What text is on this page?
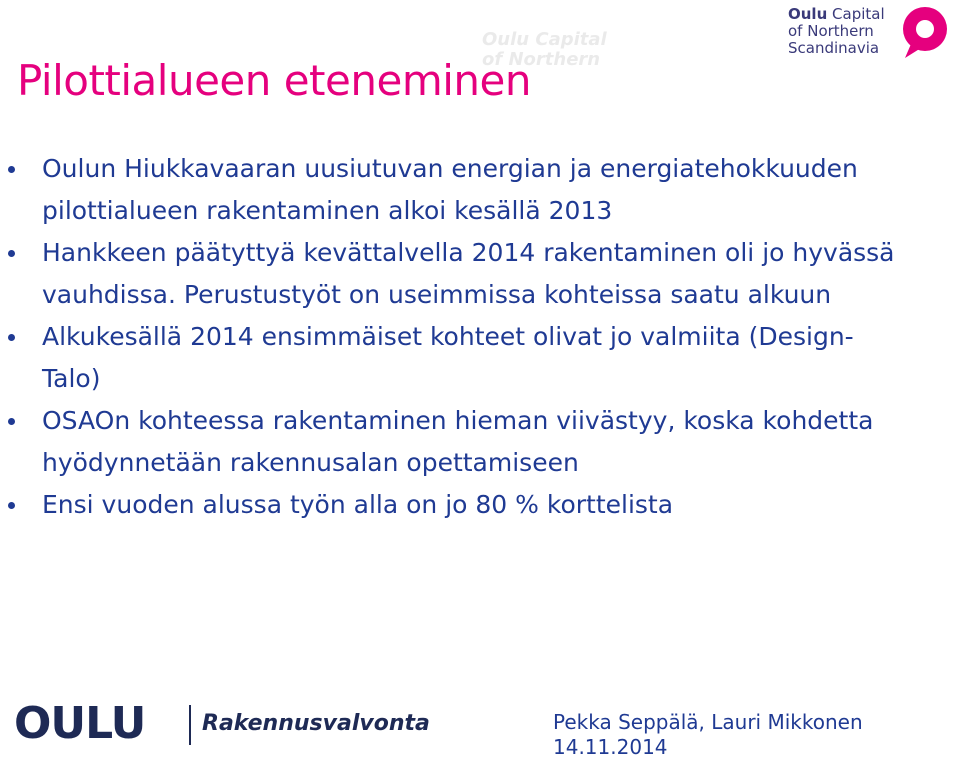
Oulu Capital
of Northern
Oulu Capital
of Northern
Scandinavia
Pilottialueen eteneminen
Oulun Hiukkavaaran uusiutuvan energian ja energiatehokkuuden pilottialueen rakentaminen alkoi kesällä 2013
Hankkeen päätyttyä kevättalvella 2014 rakentaminen oli jo hyvässä vauhdissa. Perustustyöt on useimmissa kohteissa saatu alkuun
Alkukesällä 2014 ensimmäiset kohteet olivat jo valmiita (Design-Talo)
OSAOn kohteessa rakentaminen hieman viivästyy, koska kohdetta hyödynnetään rakennusalan opettamiseen
Ensi vuoden alussa työn alla on jo 80 % korttelista
OULU	Rakennusvalvonta	Pekka Seppälä, Lauri Mikkonen
14.11.2014
